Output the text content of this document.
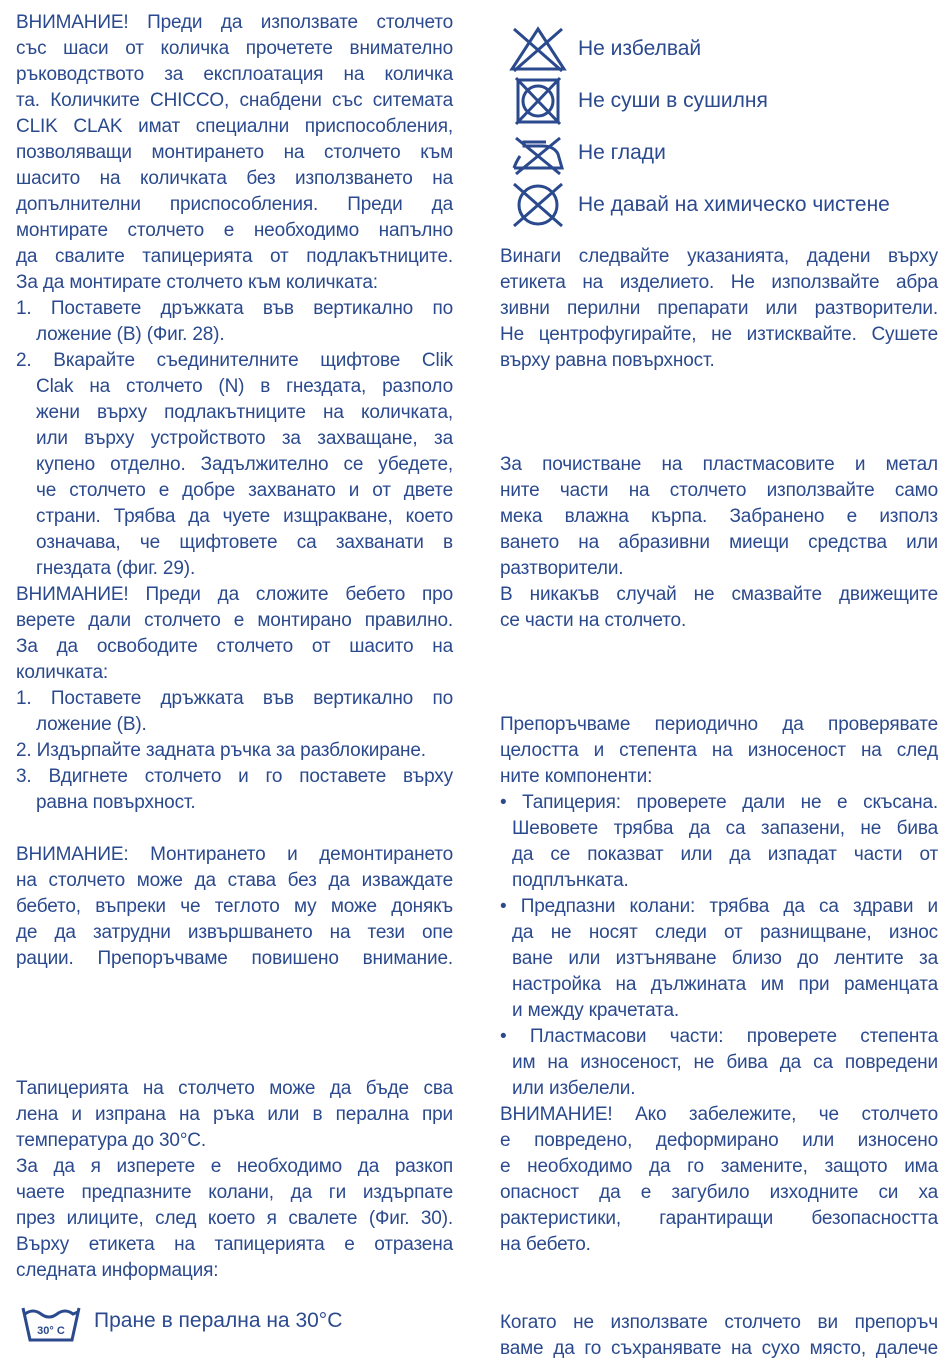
ВНИМАНИЕ! Преди да използвате столчето
със шаси от количка прочетете внимателно
ръководството за експлоатация на количка
та. Количките CHICCO, снабдени със ситемата
CLIK CLAK имат специални приспособления,
позволяващи монтирането на столчето към
шасито на количката без използването на
допълнителни приспособления. Преди да
монтирате столчето е необходимо напълно
да свалите тапицерията от подлакътниците.
За да монтирате столчето към количката:
1. Поставете дръжката във вертикално по
ложение (B) (Фиг. 28).
2. Вкарайте съединителните щифтове Clik
Clak на столчето (N) в гнездата, разполо
жени върху подлакътниците на количката,
или върху устройството за захващане, за
купено отделно. Задължително се убедете,
че столчето е добре захванато и от двете
страни. Трябва да чуете изщракване, което
означава, че щифтовете са захванати в
гнездата (фиг. 29).
ВНИМАНИЕ! Преди да сложите бебето про
верете дали столчето е монтирано правилно.
За да освободите столчето от шасито на
количката:
1. Поставете дръжката във вертикално по
ложение (B).
2. Издърпайте задната ръчка за разблокиране.
3. Вдигнете столчето и го поставете върху
равна повърхност.
ВНИМАНИЕ: Монтирането и демонтирането
на столчето може да става без да изваждате
бебето, въпреки че теглото му може донякъ
де да затрудни извършването на тези опе
рации. Препоръчваме повишено внимание.
Тапицерията на столчето може да бъде сва
лена и изпрана на ръка или в перална при
температура до 30°C.
За да я изперете е необходимо да разкоп
чаете предпазните колани, да ги издърпате
през илиците, след което я свалете (Фиг. 30).
Върху етикета на тапицерията е отразена
следната информация:
30° C Пране в перална на 30°C
Не избелвай
Не суши в сушилня
Не глади
Не давай на химическо чистене
Винаги следвайте указанията, дадени върху
етикета на изделието. Не използвайте абра
зивни перилни препарати или разтворители.
Не центрофугирайте, не изтисквайте. Сушете
върху равна повърхност.
За почистване на пластмасовите и метал
ните части на столчето използвайте само
мека влажна кърпа. Забранено е използ
ването на абразивни миещи средства или
разтворители.
В никакъв случай не смазвайте движещите
се части на столчето.
Препоръчваме периодично да проверявате
целостта и степента на износеност на след
ните компоненти:
• Тапицерия: проверете дали не е скъсана.
Шевовете трябва да са запазени, не бива
да се показват или да изпадат части от
подплънката.
• Предпазни колани: трябва да са здрави и
да не носят следи от разнищване, износ
ване или изтъняване близо до лентите за
настройка на дължината им при раменцата
и между крачетата.
• Пластмасови части: проверете степента
им на износеност, не бива да са повредени
или избелели.
ВНИМАНИЕ! Ако забележите, че столчето
е повредено, деформирано или износено
е необходимо да го замените, защото има
опасност да е загубило изходните си ха
рактеристики, гарантиращи безопасността
на бебето.
Когато не използвате столчето ви препоръч
ваме да го съхранявате на сухо място, далече
